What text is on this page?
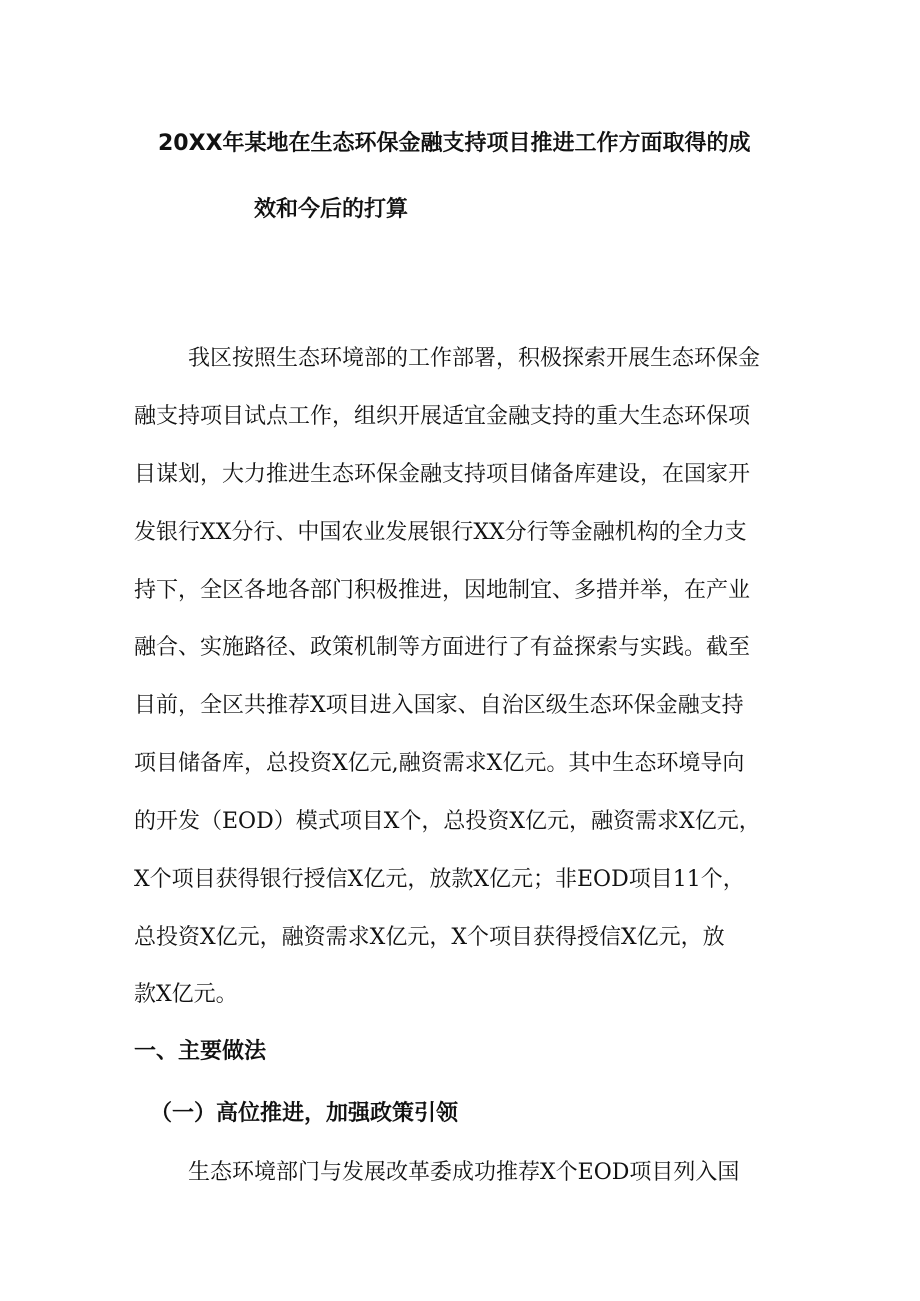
20XX年某地在生态环保金融支持项目推进工作方面取得的成
效和今后的打算
我区按照生态环境部的工作部署，积极探索开展生态环保金
融支持项目试点工作，组织开展适宜金融支持的重大生态环保项
目谋划，大力推进生态环保金融支持项目储备库建设，在国家开
发银行XX分行、中国农业发展银行XX分行等金融机构的全力支
持下，全区各地各部门积极推进，因地制宜、多措并举，在产业
融合、实施路径、政策机制等方面进行了有益探索与实践。截至
目前，全区共推荐X项目进入国家、自治区级生态环保金融支持
项目储备库，总投资X亿元,融资需求X亿元。其中生态环境导向
的开发（EOD）模式项目X个，总投资X亿元，融资需求X亿元，
X个项目获得银行授信X亿元，放款X亿元；非EOD项目11个，
总投资X亿元，融资需求X亿元，X个项目获得授信X亿元，放
款X亿元。
一、主要做法
（一）高位推进，加强政策引领
生态环境部门与发展改革委成功推荐X个EOD项目列入国
